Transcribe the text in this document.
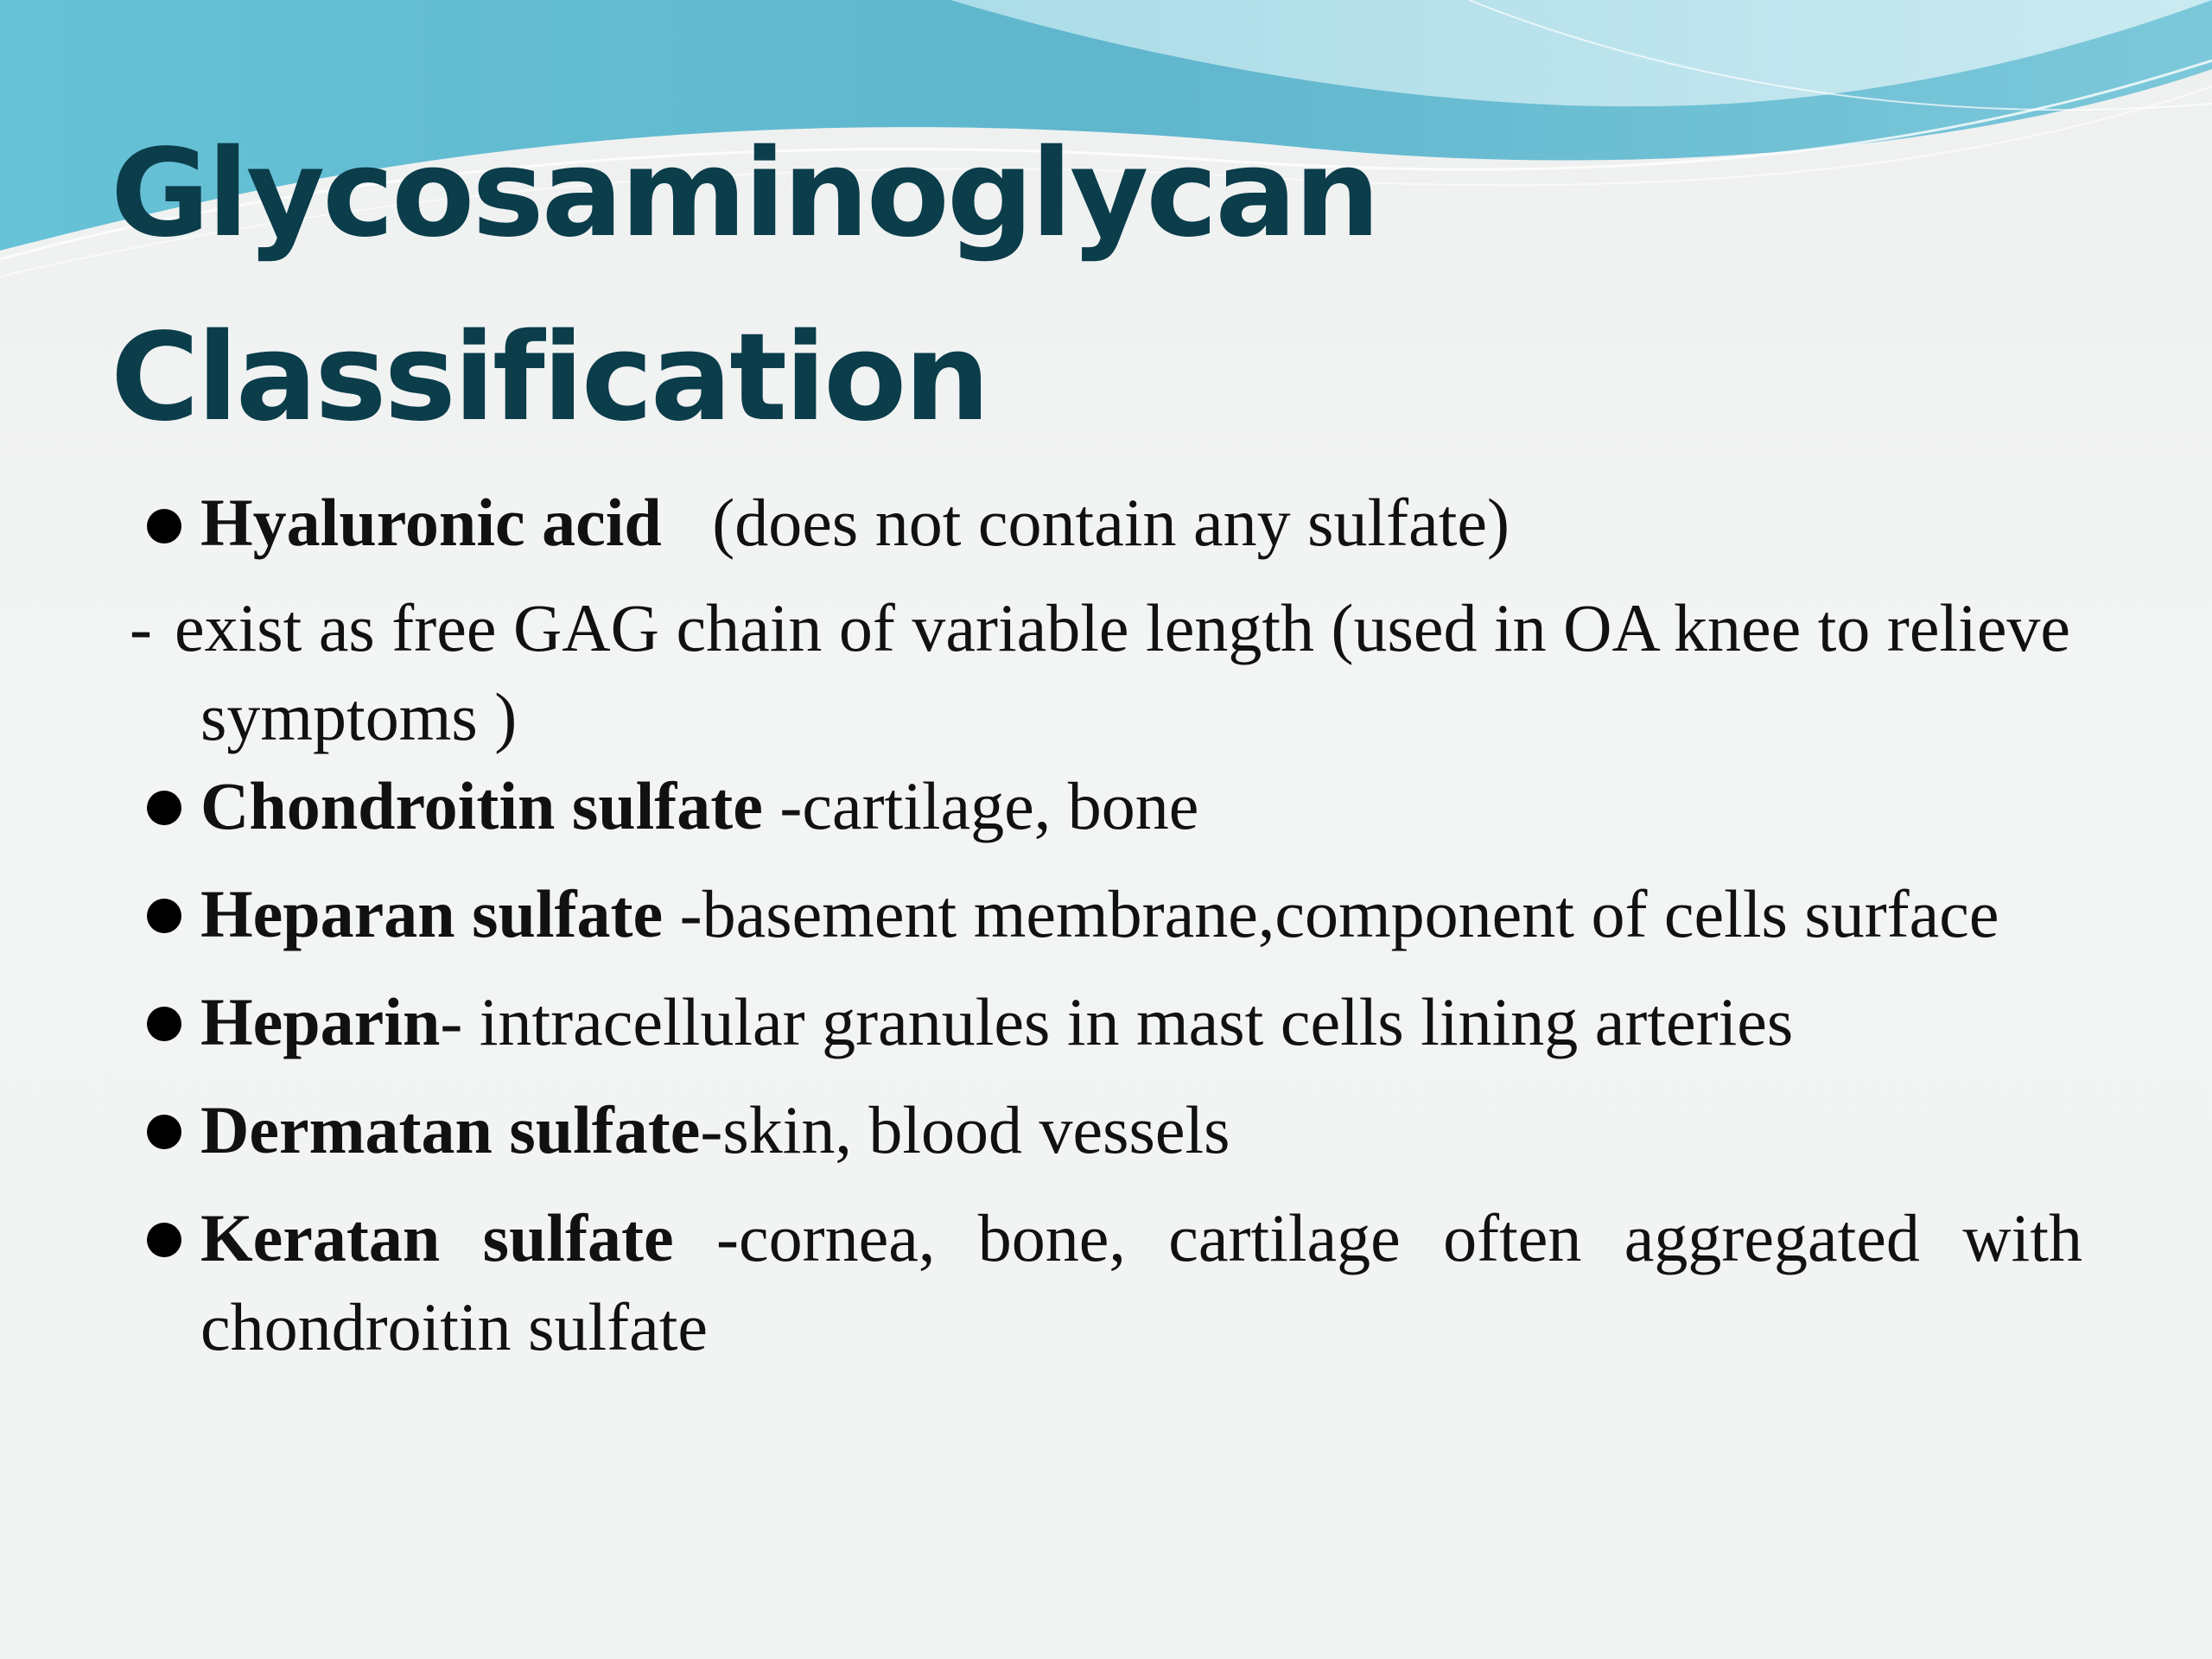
Glycosaminoglycan
Classification
Hyaluronic acid (does not contain any sulfate)
- exist as free GAG chain of variable length (used in OA knee to relieve symptoms )
Chondroitin sulfate -cartilage, bone
Heparan sulfate -basement membrane,component of cells surface
Heparin- intracellular granules in mast cells lining arteries
Dermatan sulfate-skin, blood vessels
Keratan sulfate -cornea, bone, cartilage often aggregated with chondroitin sulfate
